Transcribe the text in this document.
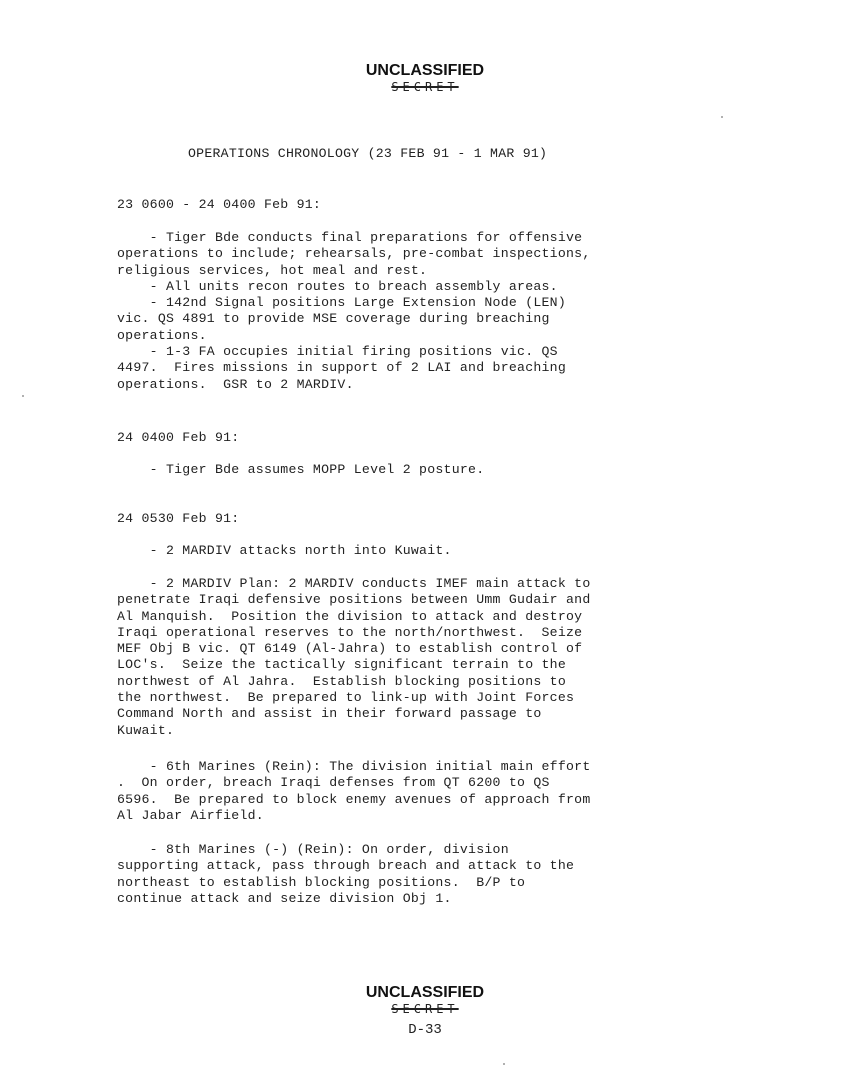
UNCLASSIFIED
SECRET
OPERATIONS CHRONOLOGY (23 FEB 91 - 1 MAR 91)
23 0600 - 24 0400 Feb 91:
- Tiger Bde conducts final preparations for offensive
operations to include; rehearsals, pre-combat inspections,
religious services, hot meal and rest.
- All units recon routes to breach assembly areas.
- 142nd Signal positions Large Extension Node (LEN)
vic. QS 4891 to provide MSE coverage during breaching
operations.
- 1-3 FA occupies initial firing positions vic. QS
4497.  Fires missions in support of 2 LAI and breaching
operations.  GSR to 2 MARDIV.
24 0400 Feb 91:
- Tiger Bde assumes MOPP Level 2 posture.
24 0530 Feb 91:
- 2 MARDIV attacks north into Kuwait.
- 2 MARDIV Plan: 2 MARDIV conducts IMEF main attack to
penetrate Iraqi defensive positions between Umm Gudair and
Al Manquish.  Position the division to attack and destroy
Iraqi operational reserves to the north/northwest.  Seize
MEF Obj B vic. QT 6149 (Al-Jahra) to establish control of
LOC's.  Seize the tactically significant terrain to the
northwest of Al Jahra.  Establish blocking positions to
the northwest.  Be prepared to link-up with Joint Forces
Command North and assist in their forward passage to
Kuwait.
- 6th Marines (Rein): The division initial main effort
.  On order, breach Iraqi defenses from QT 6200 to QS
6596.  Be prepared to block enemy avenues of approach from
Al Jabar Airfield.
- 8th Marines (-) (Rein): On order, division
supporting attack, pass through breach and attack to the
northeast to establish blocking positions.  B/P to
continue attack and seize division Obj 1.
UNCLASSIFIED
SECRET
D-33
